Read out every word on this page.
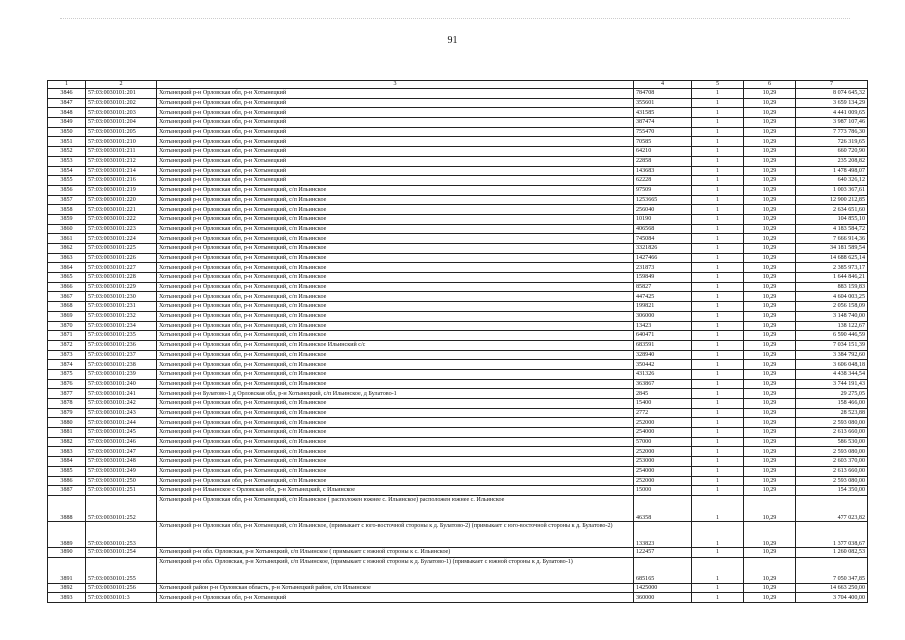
91
1	2	3	4	5	6	7
3846	57:03:0030101:201	Хотынецкий р-н Орловская обл, р-н Хотынецкий	784708	1	10,29	8 074 645,32
3847	57:03:0030101:202	Хотынецкий р-н Орловская обл, р-н Хотынецкий	355601	1	10,29	3 659 134,29
3848	57:03:0030101:203	Хотынецкий р-н Орловская обл, р-н Хотынецкий	431585	1	10,29	4 441 009,65
3849	57:03:0030101:204	Хотынецкий р-н Орловская обл, р-н Хотынецкий	387474	1	10,29	3 987 107,46
3850	57:03:0030101:205	Хотынецкий р-н Орловская обл, р-н Хотынецкий	755470	1	10,29	7 773 786,30
3851	57:03:0030101:210	Хотынецкий р-н Орловская обл, р-н Хотынецкий	70585	1	10,29	726 319,65
3852	57:03:0030101:211	Хотынецкий р-н Орловская обл, р-н Хотынецкий	64210	1	10,29	660 720,90
3853	57:03:0030101:212	Хотынецкий р-н Орловская обл, р-н Хотынецкий	22858	1	10,29	235 208,82
3854	57:03:0030101:214	Хотынецкий р-н Орловская обл, р-н Хотынецкий	143683	1	10,29	1 478 498,07
3855	57:03:0030101:216	Хотынецкий р-н Орловская обл, р-н Хотынецкий	62228	1	10,29	640 326,12
3856	57:03:0030101:219	Хотынецкий р-н Орловская обл, р-н Хотынецкий, с/п Ильинское	97509	1	10,29	1 003 367,61
3857	57:03:0030101:220	Хотынецкий р-н Орловская обл, р-н Хотынецкий, с/п Ильинское	1253665	1	10,29	12 900 212,85
3858	57:03:0030101:221	Хотынецкий р-н Орловская обл, р-н Хотынецкий, с/п Ильинское	256040	1	10,29	2 634 651,60
3859	57:03:0030101:222	Хотынецкий р-н Орловская обл, р-н Хотынецкий, с/п Ильинское	10190	1	10,29	104 855,10
3860	57:03:0030101:223	Хотынецкий р-н Орловская обл, р-н Хотынецкий, с/п Ильинское	406568	1	10,29	4 183 584,72
3861	57:03:0030101:224	Хотынецкий р-н Орловская обл, р-н Хотынецкий, с/п Ильинское	745084	1	10,29	7 666 914,36
3862	57:03:0030101:225	Хотынецкий р-н Орловская обл, р-н Хотынецкий, с/п Ильинское	3321826	1	10,29	34 181 589,54
3863	57:03:0030101:226	Хотынецкий р-н Орловская обл, р-н Хотынецкий, с/п Ильинское	1427466	1	10,29	14 688 625,14
3864	57:03:0030101:227	Хотынецкий р-н Орловская обл, р-н Хотынецкий, с/п Ильинское	231873	1	10,29	2 385 973,17
3865	57:03:0030101:228	Хотынецкий р-н Орловская обл, р-н Хотынецкий, с/п Ильинское	159849	1	10,29	1 644 846,21
3866	57:03:0030101:229	Хотынецкий р-н Орловская обл, р-н Хотынецкий, с/п Ильинское	85827	1	10,29	883 159,83
3867	57:03:0030101:230	Хотынецкий р-н Орловская обл, р-н Хотынецкий, с/п Ильинское	447425	1	10,29	4 604 003,25
3868	57:03:0030101:231	Хотынецкий р-н Орловская обл, р-н Хотынецкий, с/п Ильинское	199821	1	10,29	2 056 158,09
3869	57:03:0030101:232	Хотынецкий р-н Орловская обл, р-н Хотынецкий, с/п Ильинское	306000	1	10,29	3 148 740,00
3870	57:03:0030101:234	Хотынецкий р-н Орловская обл, р-н Хотынецкий, с/п Ильинское	13423	1	10,29	138 122,67
3871	57:03:0030101:235	Хотынецкий р-н Орловская обл, р-н Хотынецкий, с/п Ильинское	640471	1	10,29	6 590 446,59
3872	57:03:0030101:236	Хотынецкий р-н Орловская обл, р-н Хотынецкий, с/п Ильинское Ильинский с/с	683591	1	10,29	7 034 151,39
3873	57:03:0030101:237	Хотынецкий р-н Орловская обл, р-н Хотынецкий, с/п Ильинское	328940	1	10,29	3 384 792,60
3874	57:03:0030101:238	Хотынецкий р-н Орловская обл, р-н Хотынецкий, с/п Ильинское	350442	1	10,29	3 606 048,18
3875	57:03:0030101:239	Хотынецкий р-н Орловская обл, р-н Хотынецкий, с/п Ильинское	431326	1	10,29	4 438 344,54
3876	57:03:0030101:240	Хотынецкий р-н Орловская обл, р-н Хотынецкий, с/п Ильинское	363867	1	10,29	3 744 191,43
3877	57:03:0030101:241	Хотынецкий р-н Булатово-1 д Орловская обл, р-н Хотынецкий, с/п Ильинское, д Булатово-1	2845	1	10,29	29 275,05
3878	57:03:0030101:242	Хотынецкий р-н Орловская обл, р-н Хотынецкий, с/п Ильинское	15400	1	10,29	158 466,00
3879	57:03:0030101:243	Хотынецкий р-н Орловская обл, р-н Хотынецкий, с/п Ильинское	2772	1	10,29	28 523,88
3880	57:03:0030101:244	Хотынецкий р-н Орловская обл, р-н Хотынецкий, с/п Ильинское	252000	1	10,29	2 593 080,00
3881	57:03:0030101:245	Хотынецкий р-н Орловская обл, р-н Хотынецкий, с/п Ильинское	254000	1	10,29	2 613 660,00
3882	57:03:0030101:246	Хотынецкий р-н Орловская обл, р-н Хотынецкий, с/п Ильинское	57000	1	10,29	586 530,00
3883	57:03:0030101:247	Хотынецкий р-н Орловская обл, р-н Хотынецкий, с/п Ильинское	252000	1	10,29	2 593 080,00
3884	57:03:0030101:248	Хотынецкий р-н Орловская обл, р-н Хотынецкий, с/п Ильинское	253000	1	10,29	2 603 370,00
3885	57:03:0030101:249	Хотынецкий р-н Орловская обл, р-н Хотынецкий, с/п Ильинское	254000	1	10,29	2 613 660,00
3886	57:03:0030101:250	Хотынецкий р-н Орловская обл, р-н Хотынецкий, с/п Ильинское	252000	1	10,29	2 593 080,00
3887	57:03:0030101:251	Хотынецкий р-н Ильинское с Орловская обл, р-н Хотынецкий, с Ильинское	15000	1	10,29	154 350,00
3888	57:03:0030101:252	Хотынецкий р-н Орловская обл, р-н Хотынецкий, с/п Ильинское ( расположен южнее с. Ильинское) расположен южнее с. Ильинское	46358	1	10,29	477 023,82
3889	57:03:0030101:253	Хотынецкий р-н Орловская обл, р-н Хотынецкий, с/п Ильинское, (примыкает с юго-восточной стороны к д. Булатово-2) (примыкает с юго-восточной стороны к д. Булатово-2)	133823	1	10,29	1 377 038,67
3890	57:03:0030101:254	Хотынецкий р-н обл. Орловская, р-н Хотынецкий, с/п Ильинское ( примыкает с южной стороны к с. Ильинское)	122457	1	10,29	1 260 082,53
3891	57:03:0030101:255	Хотынецкий р-н обл. Орловская, р-н Хотынецкий, с/п Ильинское, (примыкает с южной стороны к д. Булатово-1) (примыкает с южной стороны к д. Булатово-1)	685165	1	10,29	7 050 347,85
3892	57:03:0030101:256	Хотынецкий район р-н Орловская область, р-н Хотынецкий район, с/п Ильинское	1425000	1	10,29	14 663 250,00
3893	57:03:0030101:3	Хотынецкий р-н Орловская обл, р-н Хотынецкий	360000	1	10,29	3 704 400,00
